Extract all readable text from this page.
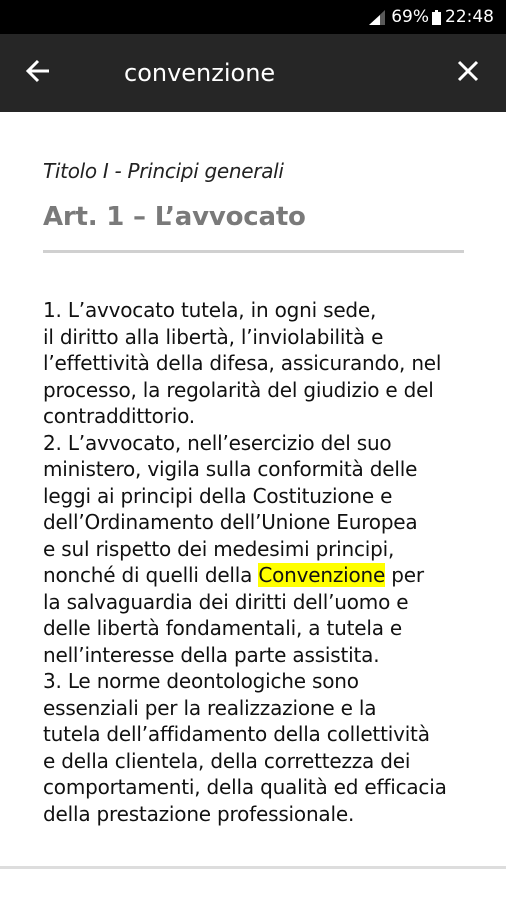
69% 22:48
convenzione
Titolo I - Principi generali
Art. 1 – L’avvocato
1. L’avvocato tutela, in ogni sede,
il diritto alla libertà, l’inviolabilità e
l’effettività della difesa, assicurando, nel
processo, la regolarità del giudizio e del
contraddittorio.
2. L’avvocato, nell’esercizio del suo
ministero, vigila sulla conformità delle
leggi ai principi della Costituzione e
dell’Ordinamento dell’Unione Europea
e sul rispetto dei medesimi principi,
nonché di quelli della Convenzione per
la salvaguardia dei diritti dell’uomo e
delle libertà fondamentali, a tutela e
nell’interesse della parte assistita.
3. Le norme deontologiche sono
essenziali per la realizzazione e la
tutela dell’affidamento della collettività
e della clientela, della correttezza dei
comportamenti, della qualità ed efficacia
della prestazione professionale.
